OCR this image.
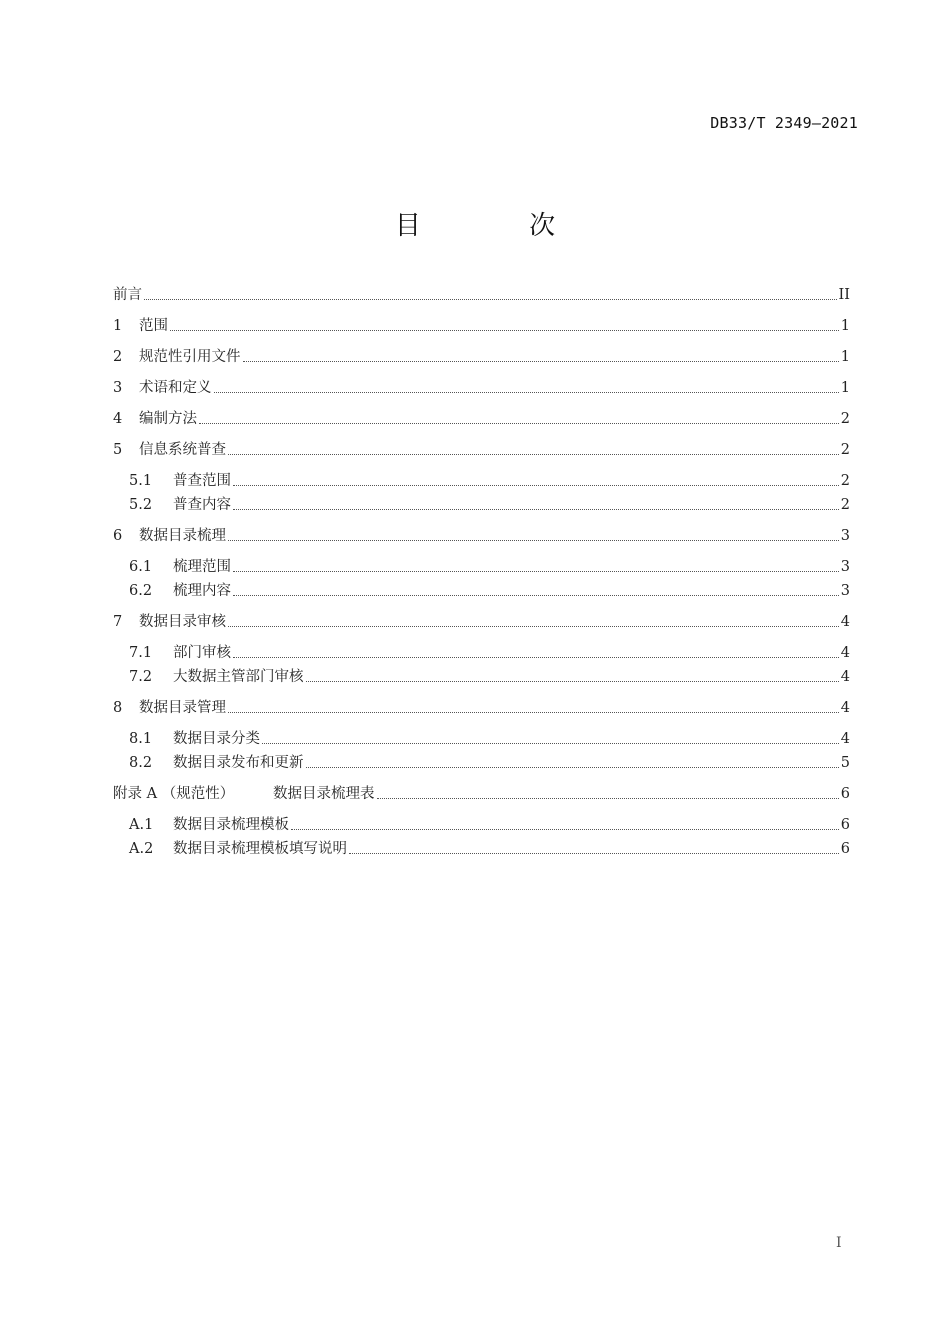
DB33/T 2349—2021
目 次
前言	II
1	范围	1
2	规范性引用文件	1
3	术语和定义	1
4	编制方法	2
5	信息系统普查	2
5.1	普查范围	2
5.2	普查内容	2
6	数据目录梳理	3
6.1	梳理范围	3
6.2	梳理内容	3
7	数据目录审核	4
7.1	部门审核	4
7.2	大数据主管部门审核	4
8	数据目录管理	4
8.1	数据目录分类	4
8.2	数据目录发布和更新	5
附录 A （规范性）	数据目录梳理表	6
A.1	数据目录梳理模板	6
A.2	数据目录梳理模板填写说明	6
I
